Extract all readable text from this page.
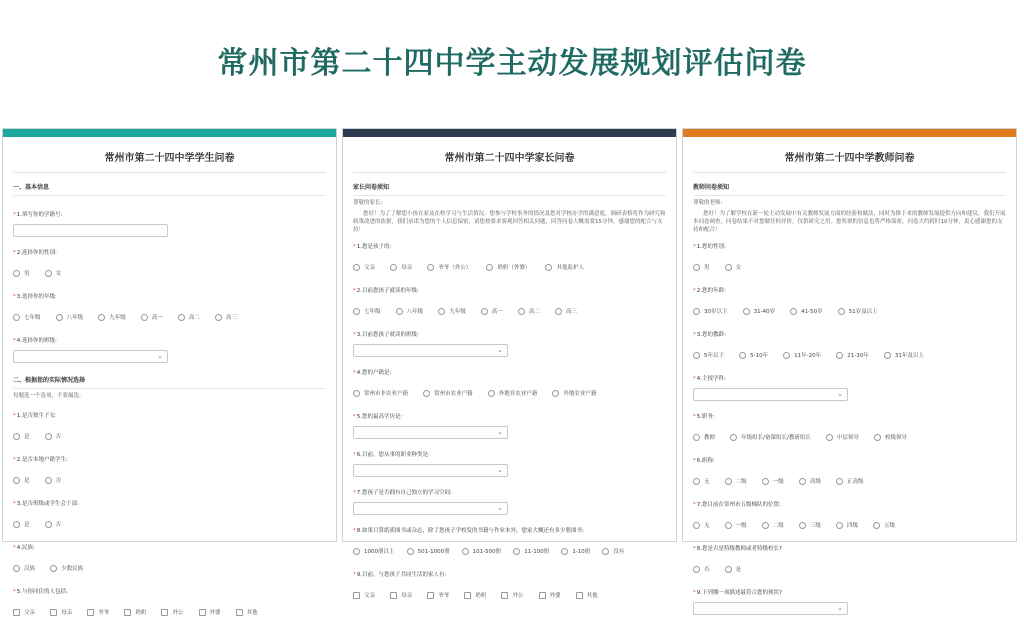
常州市第二十四中学主动发展规划评估问卷
常州市第二十四中学学生问卷
一、基本信息
*1.填写你的学籍号:
*2.选择你的性别:
男	女
*3.选择你的年级:
七年级	八年级	九年级	高一	高二	高三
*4.选择你的班级:
⌄
二、根据您的实际情况选择
每题选一个选项，不要漏选。
*1.是否独生子女:
是	否
*2.是否本地户籍学生:
是	否
*3.是否班级或学生会干部:
是	否
*4.民族:
汉族	少数民族
*5.与你同住的人包括:
父亲	母亲	爷爷	奶奶	外公	外婆	其他
常州市第二十四中学家长问卷
家长问卷须知
尊敬的家长:
您好！为了了解您小孩在家及在校学习与生活情况、您参与学校事务的情况及您对学校办学的满意度，调研表格将作为研究和政策改进的依据，我们承诺为您的个人信息保密，请您按要求客观回答相关问题，回答问卷大概需要15分钟，感谢您的配合与支持！
*1.您是孩子的:
父亲	母亲	爷爷（外公）	奶奶（外婆）	其他监护人
*2.目前您孩子就读的年级:
七年级	八年级	九年级	高一	高二	高三
*3.目前您孩子就读的班级:
⌄
*4.您的户籍是:
常州市非农业户籍	常州市农业户籍	外地非农业户籍	外地农业户籍
*5.您的最高学历是:
⌄
*6.目前，您从事的职业种类是:
⌄
*7.您孩子是否拥有自己独立的学习空间:
⌄
*8.如果只算纸质图书或杂志，除了您孩子学校发的书籍与作业本外，您家大概还有多少册图书:
1000册以上	501-1000册	101-500册	11-100册	1-10册	没有
*9.目前，与您孩子共同生活的家人有:
父亲	母亲	爷爷	奶奶	外公	外婆	其他
常州市第二十四中学教师问卷
教师问卷须知
尊敬的老师:
您好！为了解学校在新一轮主动发展中有关教师发展方面的经验和做法，同时为推下来的教师发展提供方向和建议，我们开展本问卷调查。问卷结果不对您做任何评价，仅供研究之用。您所填的信息也将严格保密，问卷大约耗时10分钟，衷心感谢您的支持和配合！
*1.您的性别:
男	女
*2.您的年龄:
30岁以下	31-40岁	41-50岁	51岁及以上
*3.您的教龄:
5年以下	5-10年	11年-20年	21-30年	31年及以上
*4.主授学科:
⌄
*5.职务:
教师	年级组长/备课组长/教研组长	中层领导	校级领导
*6.职称:
无	二级	一级	高级	正高级
*7.您目前在常州市五级梯队的位置:
无	一级	二级	三级	四级	五级
*8.您是否是特级教师或者特级校长?
否	是
*9.下列哪一项描述最符合您的现状?
⌄
